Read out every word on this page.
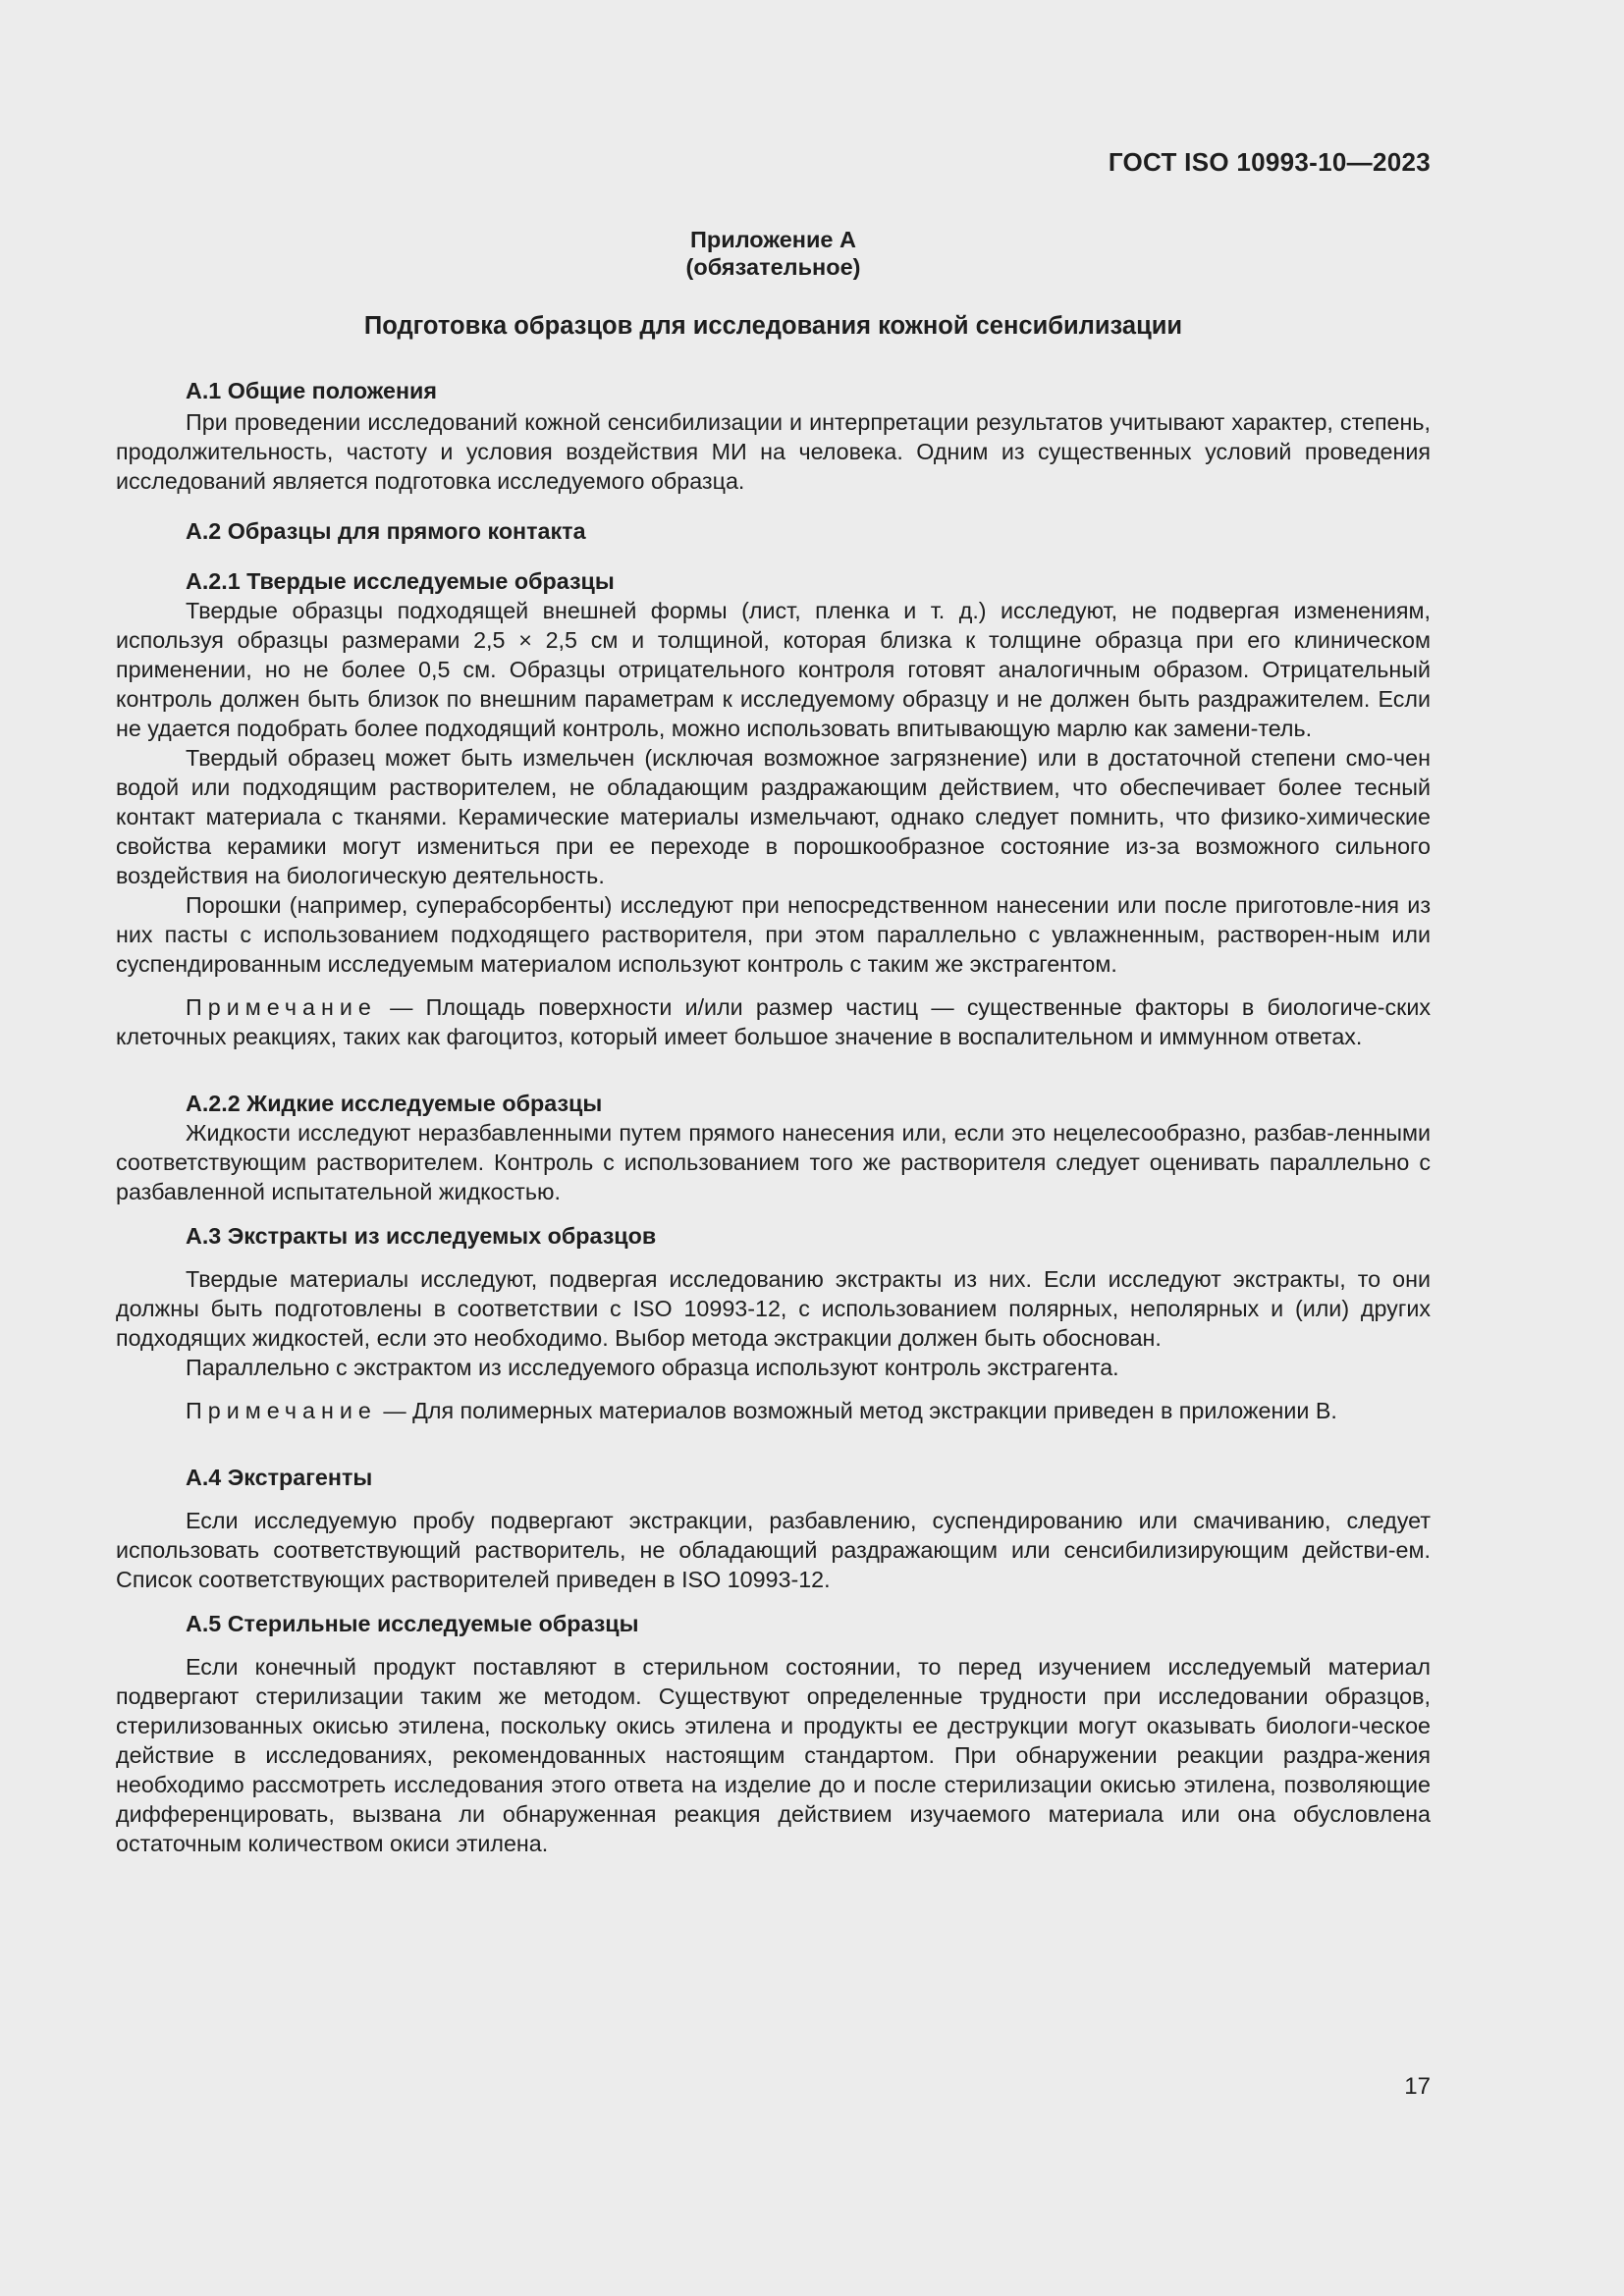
ГОСТ ISO 10993-10—2023
Приложение А
(обязательное)
Подготовка образцов для исследования кожной сенсибилизации
А.1 Общие положения

При проведении исследований кожной сенсибилизации и интерпретации результатов учитывают характер, степень, продолжительность, частоту и условия воздействия МИ на человека. Одним из существенных условий проведения исследований является подготовка исследуемого образца.

А.2 Образцы для прямого контакта
А.2.1 Твердые исследуемые образцы

Твердые образцы подходящей внешней формы (лист, пленка и т. д.) исследуют, не подвергая изменениям, используя образцы размерами 2,5 × 2,5 см и толщиной, которая близка к толщине образца при его клиническом применении, но не более 0,5 см. Образцы отрицательного контроля готовят аналогичным образом. Отрицательный контроль должен быть близок по внешним параметрам к исследуемому образцу и не должен быть раздражителем. Если не удается подобрать более подходящий контроль, можно использовать впитывающую марлю как замени-тель.

Твердый образец может быть измельчен (исключая возможное загрязнение) или в достаточной степени смо-чен водой или подходящим растворителем, не обладающим раздражающим действием, что обеспечивает более тесный контакт материала с тканями. Керамические материалы измельчают, однако следует помнить, что физико-химические свойства керамики могут измениться при ее переходе в порошкообразное состояние из-за возможного сильного воздействия на биологическую деятельность.

Порошки (например, суперабсорбенты) исследуют при непосредственном нанесении или после приготовле-ния из них пасты с использованием подходящего растворителя, при этом параллельно с увлажненным, растворен-ным или суспендированным исследуемым материалом используют контроль с таким же экстрагентом.

Примечание — Площадь поверхности и/или размер частиц — существенные факторы в биологиче-ских клеточных реакциях, таких как фагоцитоз, который имеет большое значение в воспалительном и иммунном ответах.

А.2.2 Жидкие исследуемые образцы

Жидкости исследуют неразбавленными путем прямого нанесения или, если это нецелесообразно, разбав-ленными соответствующим растворителем. Контроль с использованием того же растворителя следует оценивать параллельно с разбавленной испытательной жидкостью.

А.3 Экстракты из исследуемых образцов

Твердые материалы исследуют, подвергая исследованию экстракты из них. Если исследуют экстракты, то они должны быть подготовлены в соответствии с ISO 10993-12, с использованием полярных, неполярных и (или) других подходящих жидкостей, если это необходимо. Выбор метода экстракции должен быть обоснован.

Параллельно с экстрактом из исследуемого образца используют контроль экстрагента.

Примечание — Для полимерных материалов возможный метод экстракции приведен в приложении В.

А.4 Экстрагенты

Если исследуемую пробу подвергают экстракции, разбавлению, суспендированию или смачиванию, следует использовать соответствующий растворитель, не обладающий раздражающим или сенсибилизирующим действи-ем. Список соответствующих растворителей приведен в ISO 10993-12.

А.5 Стерильные исследуемые образцы

Если конечный продукт поставляют в стерильном состоянии, то перед изучением исследуемый материал подвергают стерилизации таким же методом. Существуют определенные трудности при исследовании образцов, стерилизованных окисью этилена, поскольку окись этилена и продукты ее деструкции могут оказывать биологи-ческое действие в исследованиях, рекомендованных настоящим стандартом. При обнаружении реакции раздра-жения необходимо рассмотреть исследования этого ответа на изделие до и после стерилизации окисью этилена, позволяющие дифференцировать, вызвана ли обнаруженная реакция действием изучаемого материала или она обусловлена остаточным количеством окиси этилена.

17
